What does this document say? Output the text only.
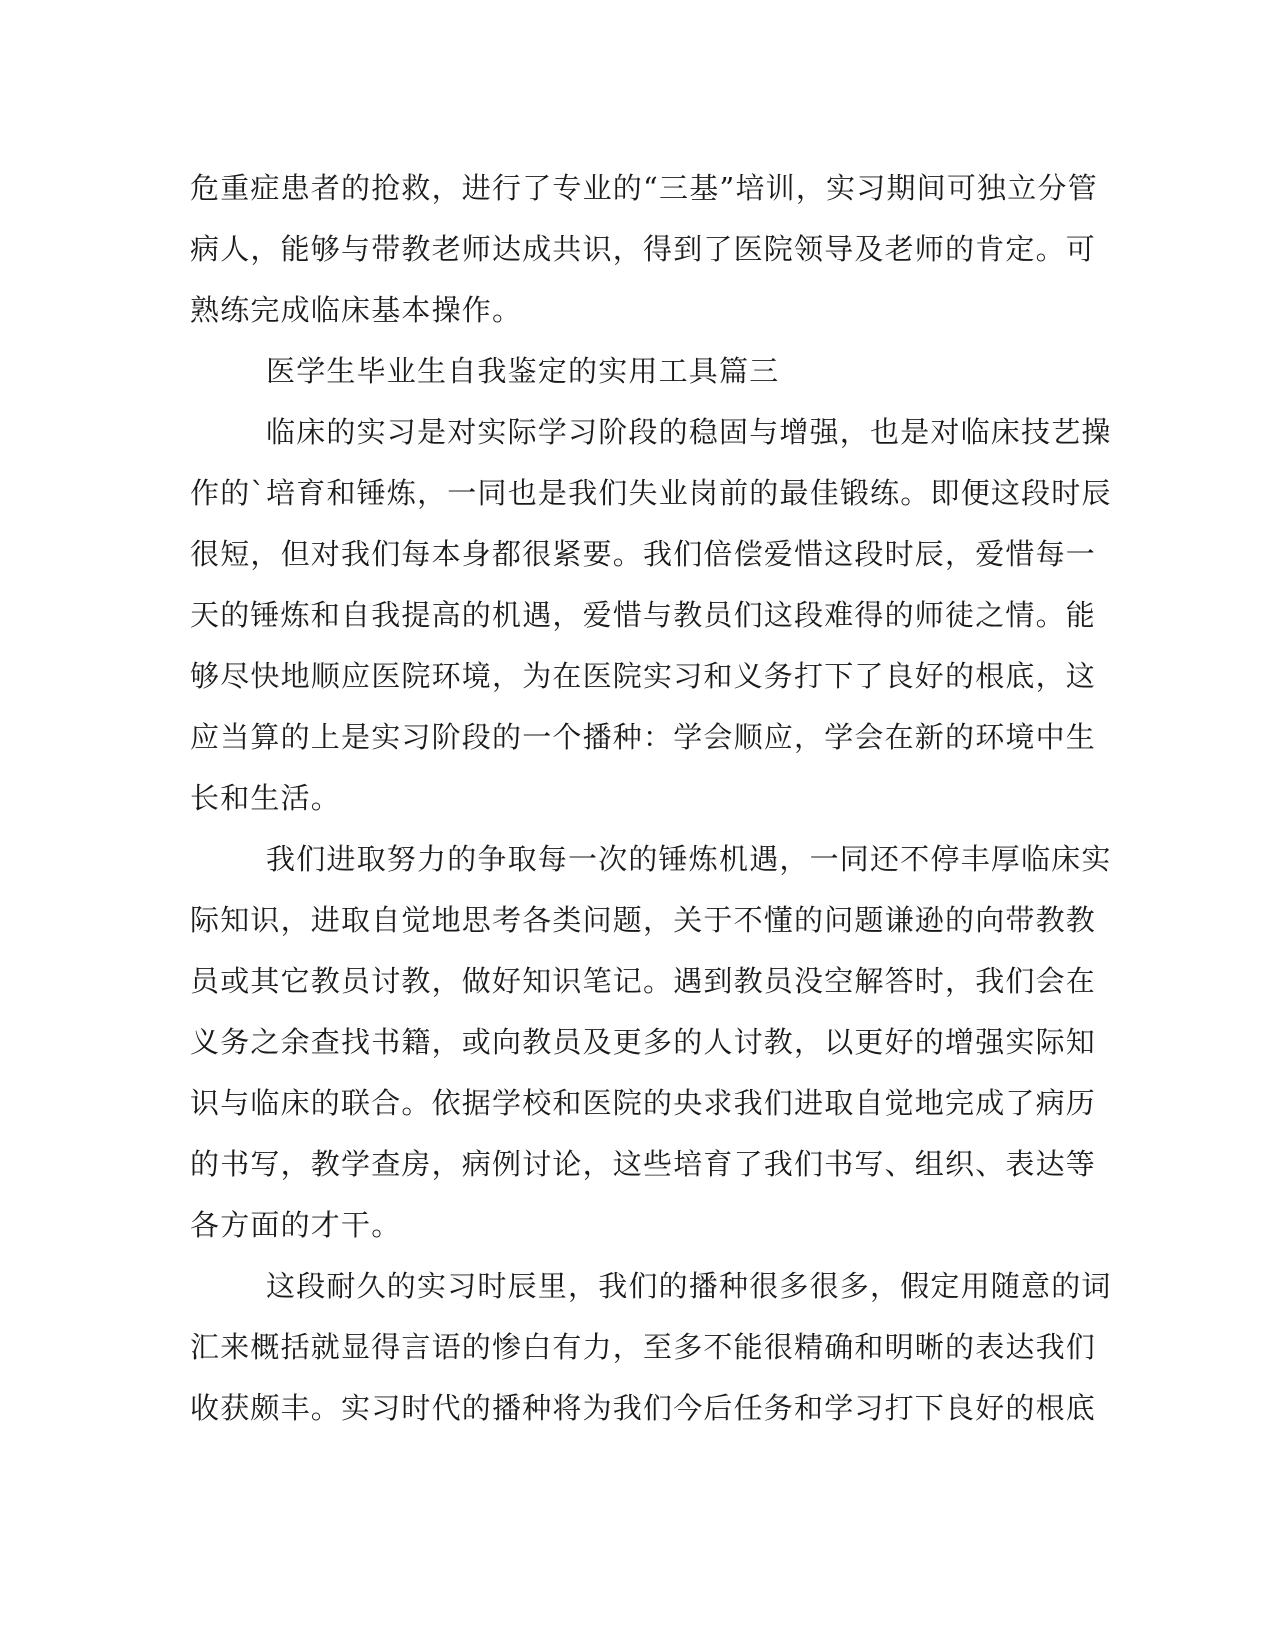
危重症患者的抢救，进行了专业的“三基”培训，实习期间可独立分管
病人，能够与带教老师达成共识，得到了医院领导及老师的肯定。可
熟练完成临床基本操作。
医学生毕业生自我鉴定的实用工具篇三
临床的实习是对实际学习阶段的稳固与增强，也是对临床技艺操
作的`培育和锤炼，一同也是我们失业岗前的最佳锻练。即便这段时辰
很短，但对我们每本身都很紧要。我们倍偿爱惜这段时辰，爱惜每一
天的锤炼和自我提高的机遇，爱惜与教员们这段难得的师徒之情。能
够尽快地顺应医院环境，为在医院实习和义务打下了良好的根底，这
应当算的上是实习阶段的一个播种：学会顺应，学会在新的环境中生
长和生活。
我们进取努力的争取每一次的锤炼机遇，一同还不停丰厚临床实
际知识，进取自觉地思考各类问题，关于不懂的问题谦逊的向带教教
员或其它教员讨教，做好知识笔记。遇到教员没空解答时，我们会在
义务之余查找书籍，或向教员及更多的人讨教，以更好的增强实际知
识与临床的联合。依据学校和医院的央求我们进取自觉地完成了病历
的书写，教学查房，病例讨论，这些培育了我们书写、组织、表达等
各方面的才干。
这段耐久的实习时辰里，我们的播种很多很多，假定用随意的词
汇来概括就显得言语的惨白有力，至多不能很精确和明晰的表达我们
收获颇丰。实习时代的播种将为我们今后任务和学习打下良好的根底
